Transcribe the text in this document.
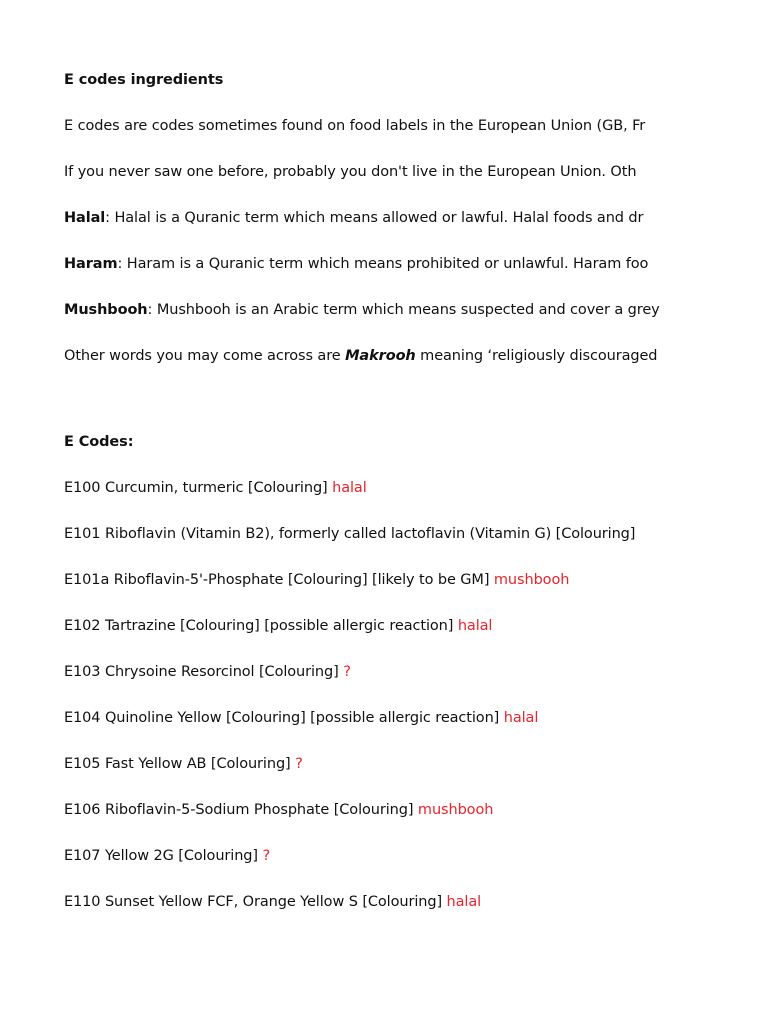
E codes ingredients
E codes are codes sometimes found on food labels in the European Union (GB, Fr
If you never saw one before, probably you don't live in the European Union. Oth
Halal: Halal is a Quranic term which means allowed or lawful. Halal foods and dr
Haram: Haram is a Quranic term which means prohibited or unlawful. Haram foo
Mushbooh: Mushbooh is an Arabic term which means suspected and cover a grey
Other words you may come across are Makrooh meaning ‘religiously discouraged
E Codes:
E100 Curcumin, turmeric [Colouring] halal
E101 Riboflavin (Vitamin B2), formerly called lactoflavin (Vitamin G) [Colouring]
E101a Riboflavin-5'-Phosphate [Colouring] [likely to be GM] mushbooh
E102 Tartrazine [Colouring] [possible allergic reaction] halal
E103 Chrysoine Resorcinol [Colouring] ?
E104 Quinoline Yellow [Colouring] [possible allergic reaction] halal
E105 Fast Yellow AB [Colouring] ?
E106 Riboflavin-5-Sodium Phosphate [Colouring] mushbooh
E107 Yellow 2G [Colouring] ?
E110 Sunset Yellow FCF, Orange Yellow S [Colouring] halal
